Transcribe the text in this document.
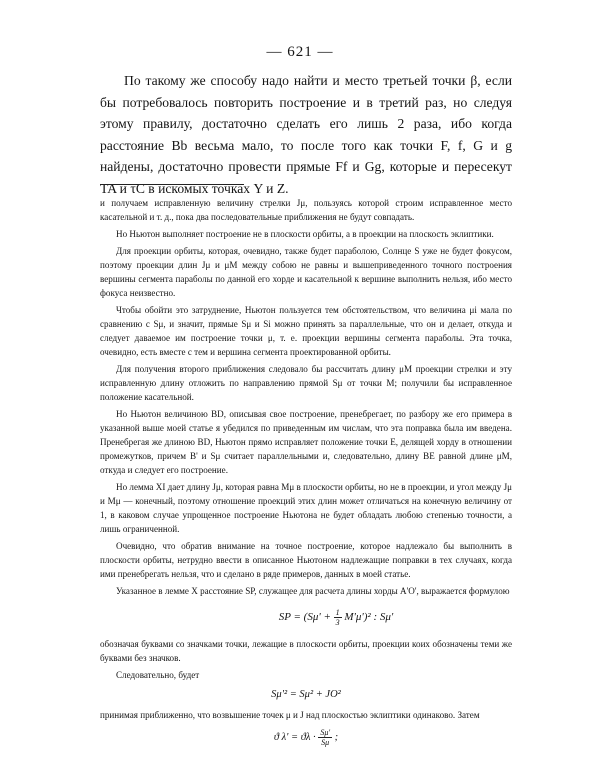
— 621 —

По такому же способу надо найти и место третьей точки β, если бы потребовалось повторить построение и в третий раз, но следуя этому правилу, достаточно сделать его лишь 2 раза, ибо когда расстояние Bb весьма мало, то после того как точки F, f, G и g найдены, достаточно провести прямые Ff и Gg, которые и пересекут TA и τC в искомых точках Y и Z.

и получаем исправленную величину стрелки Jμ, пользуясь которой строим исправленное место касательной и т. д., пока два последовательные приближения не будут совпадать.

Но Ньютон выполняет построение не в плоскости орбиты, а в проекции на плоскость эклиптики.

Для проекции орбиты, которая, очевидно, также будет параболою, Солнце S уже не будет фокусом, поэтому проекции длин Jμ и μM между собою не равны и вышеприведенного точного построения вершины сегмента параболы по данной его хорде и касательной к вершине выполнить нельзя, ибо место фокуса неизвестно.

Чтобы обойти это затруднение, Ньютон пользуется тем обстоятельством, что величина μi мала по сравнению с Sμ, и значит, прямые Sμ и Si можно принять за параллельные, что он и делает, откуда и следует даваемое им построение точки μ, т. е. проекции вершины сегмента параболы. Эта точка, очевидно, есть вместе с тем и вершина сегмента проектированной орбиты.

Для получения второго приближения следовало бы рассчитать длину μM проекции стрелки и эту исправленную длину отложить по направлению прямой Sμ от точки M; получили бы исправленное положение касательной.

Но Ньютон величиною BD, описывая свое построение, пренебрегает, по разбору же его примера в указанной выше моей статье я убедился по приведенным им числам, что эта поправка была им введена. Пренебрегая же длиною BD, Ньютон прямо исправляет положение точки E, делящей хорду в отношении промежутков, причем B' и Sμ считает параллельными и, следовательно, длину BE равной длине μM, откуда и следует его построение.

Но лемма XI дает длину Jμ, которая равна Mμ в плоскости орбиты, но не в проекции, и угол между Jμ и Mμ — конечный, поэтому отношение проекций этих длин может отличаться на конечную величину от 1, в каковом случае упрощенное построение Ньютона не будет обладать любою степенью точности, а лишь ограниченной.

Очевидно, что обратив внимание на точное построение, которое надлежало бы выполнить в плоскости орбиты, нетрудно ввести в описанное Ньютоном надлежащие поправки в тех случаях, когда ими пренебрегать нельзя, что и сделано в ряде примеров, данных в моей статье.

Указанное в лемме X расстояние SP, служащее для расчета длины хорды A'O', выражается формулою

SP = $(S\mu' + \frac{1}{3} M'\mu')^2$ : Sμ'

обозначая буквами со значками точки, лежащие в плоскости орбиты, проекции коих обозначены теми же буквами без значков.

Следовательно, будет

Sμ'² = Sμ² + JO²

принимая приближенно, что возвышение точек μ и J над плоскостью эклиптики одинаково. Затем

ϑ $\lambda' = ϑ\lambda \cdot \frac{S\mu'}{S\mu}$ ;
